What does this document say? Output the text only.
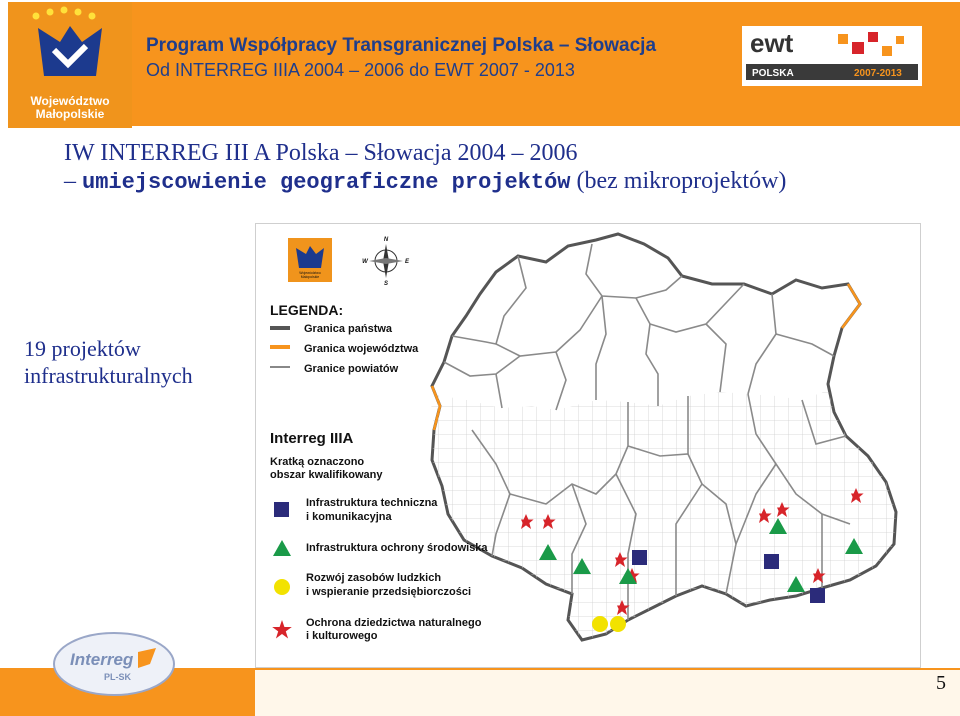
Województwo
Małopolskie
Program Współpracy Transgranicznej Polska – Słowacja
Od INTERREG IIIA 2004 – 2006 do EWT 2007 - 2013
ewt
POLSKA	2007-2013
IW INTERREG III A Polska – Słowacja 2004 – 2006
– umiejscowienie geograficzne projektów (bez mikroprojektów)
19 projektów
infrastrukturalnych
Województwo
Małopolskie
N
E
S
W
LEGENDA:
Granica państwa
Granica województwa
Granice powiatów
Interreg IIIA
Kratką oznaczono
obszar kwalifikowany
Infrastruktura techniczna
i komunikacyjna
Infrastruktura ochrony środowiska
Rozwój zasobów ludzkich
i wspieranie przedsiębiorczości
Ochrona dziedzictwa naturalnego
i kulturowego
Interreg
PL-SK	5
